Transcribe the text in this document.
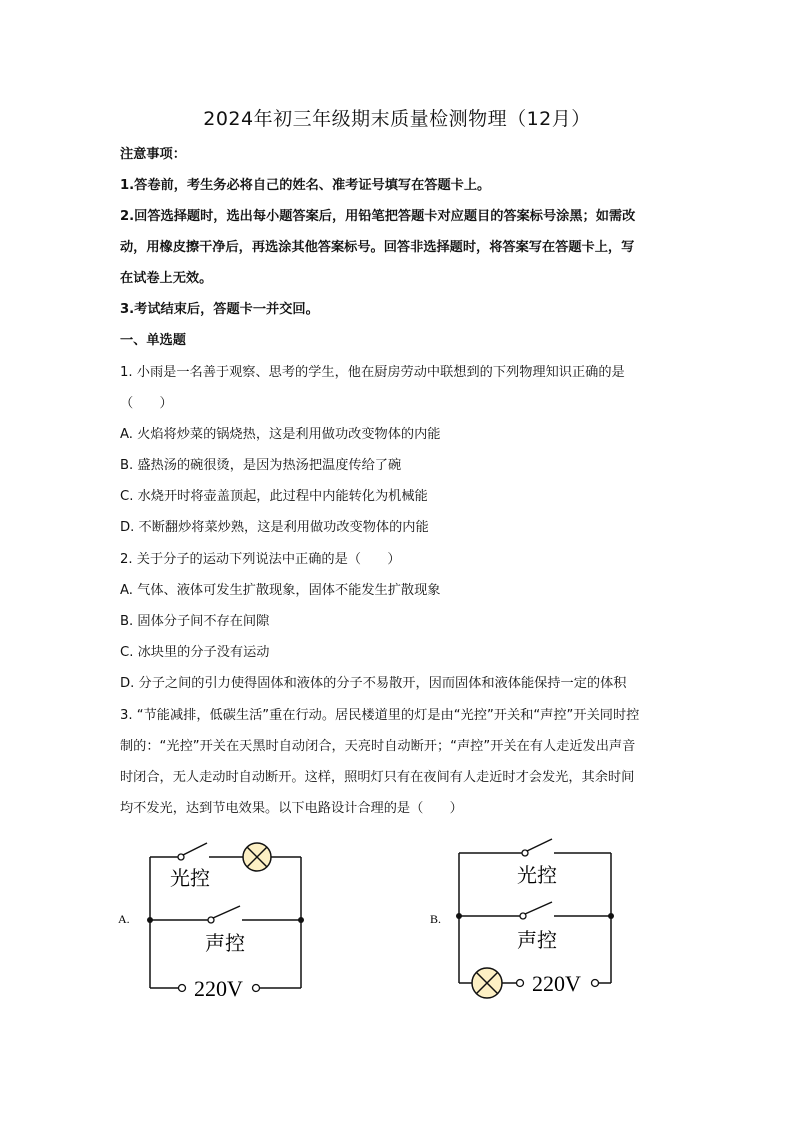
2024年初三年级期末质量检测物理（12月）
注意事项：
1.答卷前，考生务必将自己的姓名、准考证号填写在答题卡上。
2.回答选择题时，选出每小题答案后，用铅笔把答题卡对应题目的答案标号涂黑；如需改
动，用橡皮擦干净后，再选涂其他答案标号。回答非选择题时，将答案写在答题卡上，写
在试卷上无效。
3.考试结束后，答题卡一并交回。
一、单选题
1. 小雨是一名善于观察、思考的学生，他在厨房劳动中联想到的下列物理知识正确的是
（　　）
A. 火焰将炒菜的锅烧热，这是利用做功改变物体的内能
B. 盛热汤的碗很烫，是因为热汤把温度传给了碗
C. 水烧开时将壶盖顶起，此过程中内能转化为机械能
D. 不断翻炒将菜炒熟，这是利用做功改变物体的内能
2. 关于分子的运动下列说法中正确的是（　　）
A. 气体、液体可发生扩散现象，固体不能发生扩散现象
B. 固体分子间不存在间隙
C. 冰块里的分子没有运动
D. 分子之间的引力使得固体和液体的分子不易散开，因而固体和液体能保持一定的体积
3. “节能减排，低碳生活”重在行动。居民楼道里的灯是由“光控”开关和“声控”开关同时控
制的：“光控”开关在天黑时自动闭合，天亮时自动断开；“声控”开关在有人走近发出声音
时闭合，无人走动时自动断开。这样，照明灯只有在夜间有人走近时才会发光，其余时间
均不发光，达到节电效果。以下电路设计合理的是（　　）
A.
光控
声控
220V
B.
光控
声控
220V
